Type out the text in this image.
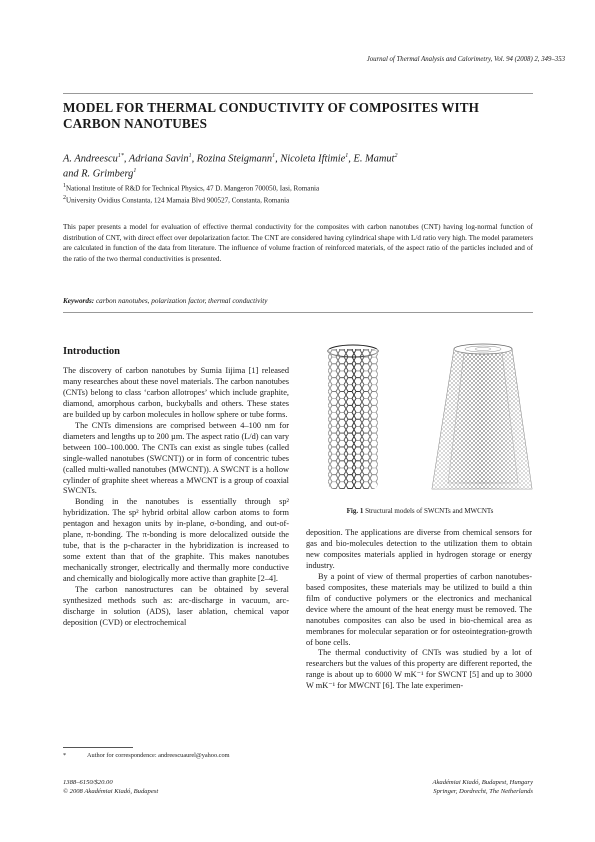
Journal of Thermal Analysis and Calorimetry, Vol. 94 (2008) 2, 349–353
MODEL FOR THERMAL CONDUCTIVITY OF COMPOSITES WITH CARBON NANOTUBES
A. Andreescu$^{1*}$, Adriana Savin$^1$, Rozina Steigmann$^1$, Nicoleta Iftimie$^1$, E. Mamut$^2$
and R. Grimberg$^1$
$^1$National Institute of R&D for Technical Physics, 47 D. Mangeron 700050, Iasi, Romania
$^2$University Ovidius Constanta, 124 Mamaia Blvd 900527, Constanta, Romania
This paper presents a model for evaluation of effective thermal conductivity for the composites with carbon nanotubes (CNT) having log-normal function of distribution of CNT, with direct effect over depolarization factor. The CNT are considered having cylindrical shape with L/d ratio very high. The model parameters are calculated in function of the data from literature. The influence of volume fraction of reinforced materials, of the aspect ratio of the particles included and of the ratio of the two thermal conductivities is presented.
Keywords: carbon nanotubes, polarization factor, thermal conductivity
Introduction

The discovery of carbon nanotubes by Sumia Iijima [1] released many researches about these novel materials. The carbon nanotubes (CNTs) belong to class ‘carbon allotropes’ which include graphite, diamond, amorphous carbon, buckyballs and others. These states are builded up by carbon molecules in hollow sphere or tube forms.

The CNTs dimensions are comprised between 4–100 nm for diameters and lengths up to 200 µm. The aspect ratio (L/d) can vary between 100–100.000. The CNTs can exist as single tubes (called single-walled nanotubes (SWCNT)) or in form of concentric tubes (called multi-walled nanotubes (MWCNT)). A SWCNT is a hollow cylinder of graphite sheet whereas a MWCNT is a group of coaxial SWCNTs.

Bonding in the nanotubes is essentially through sp² hybridization. The sp² hybrid orbital allow carbon atoms to form pentagon and hexagon units by in-plane, σ-bonding, and out-of-plane, π-bonding. The π-bonding is more delocalized outside the tube, that is the p-character in the hybridization is increased to some extent than that of the graphite. This makes nanotubes mechanically stronger, electrically and thermally more conductive and chemically and biologically more active than graphite [2–4].

The carbon nanostructures can be obtained by several synthesized methods such as: arc-discharge in vacuum, arc-discharge in solution (ADS), laser ablation, chemical vapor deposition (CVD) or electrochemical

Fig. 1 Structural models of SWCNTs and MWCNTs

deposition. The applications are diverse from chemical sensors for gas and bio-molecules detection to the utilization them to obtain new composites materials applied in hydrogen storage or energy industry.

By a point of view of thermal properties of carbon nanotubes-based composites, these materials may be utilized to build a thin film of conductive polymers or the electronics and mechanical device where the amount of the heat energy must be removed. The nanotubes composites can also be used in bio-chemical area as membranes for molecular separation or for osteointegration-growth of bone cells.

The thermal conductivity of CNTs was studied by a lot of researchers but the values of this property are different reported, the range is about up to 6000 W mK⁻¹ for SWCNT [5] and up to 3000 W mK⁻¹ for MWCNT [6]. The late experimen-

*	Author for correspondence: andreescuaurel@yahoo.com
1388–6150/$20.00
© 2008 Akadémiai Kiadó, Budapest
Akadémiai Kiadó, Budapest, Hungary
Springer, Dordrecht, The Netherlands
